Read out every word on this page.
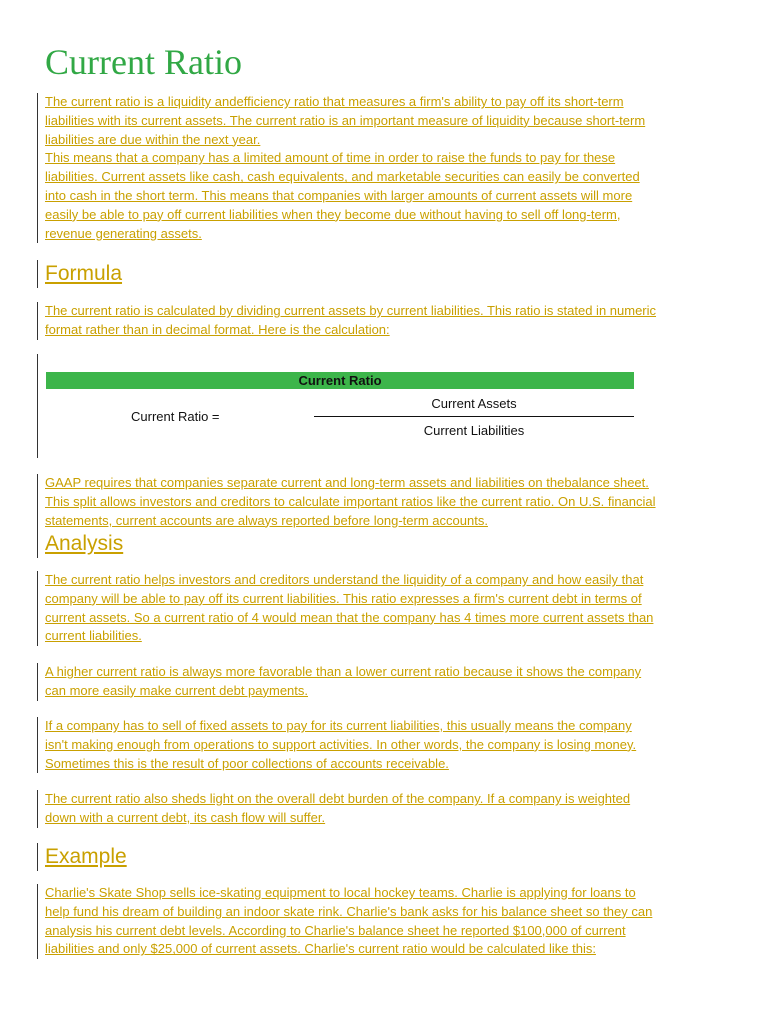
Current Ratio

The current ratio is a liquidity andefficiency ratio that measures a firm's ability to pay off its short-term
liabilities with its current assets. The current ratio is an important measure of liquidity because short-term
liabilities are due within the next year.

This means that a company has a limited amount of time in order to raise the funds to pay for these
liabilities. Current assets like cash, cash equivalents, and marketable securities can easily be converted
into cash in the short term. This means that companies with larger amounts of current assets will more
easily be able to pay off current liabilities when they become due without having to sell off long-term,
revenue generating assets.

Formula

The current ratio is calculated by dividing current assets by current liabilities. This ratio is stated in numeric
format rather than in decimal format. Here is the calculation:

Current Ratio
Current Ratio =
Current Assets
Current Liabilities

GAAP requires that companies separate current and long-term assets and liabilities on thebalance sheet.
This split allows investors and creditors to calculate important ratios like the current ratio. On U.S. financial
statements, current accounts are always reported before long-term accounts.

Analysis

The current ratio helps investors and creditors understand the liquidity of a company and how easily that
company will be able to pay off its current liabilities. This ratio expresses a firm's current debt in terms of
current assets. So a current ratio of 4 would mean that the company has 4 times more current assets than
current liabilities.

A higher current ratio is always more favorable than a lower current ratio because it shows the company
can more easily make current debt payments.

If a company has to sell of fixed assets to pay for its current liabilities, this usually means the company
isn't making enough from operations to support activities. In other words, the company is losing money.
Sometimes this is the result of poor collections of accounts receivable.

The current ratio also sheds light on the overall debt burden of the company. If a company is weighted
down with a current debt, its cash flow will suffer.

Example

Charlie's Skate Shop sells ice-skating equipment to local hockey teams. Charlie is applying for loans to
help fund his dream of building an indoor skate rink. Charlie's bank asks for his balance sheet so they can
analysis his current debt levels. According to Charlie's balance sheet he reported $100,000 of current
liabilities and only $25,000 of current assets. Charlie's current ratio would be calculated like this:
